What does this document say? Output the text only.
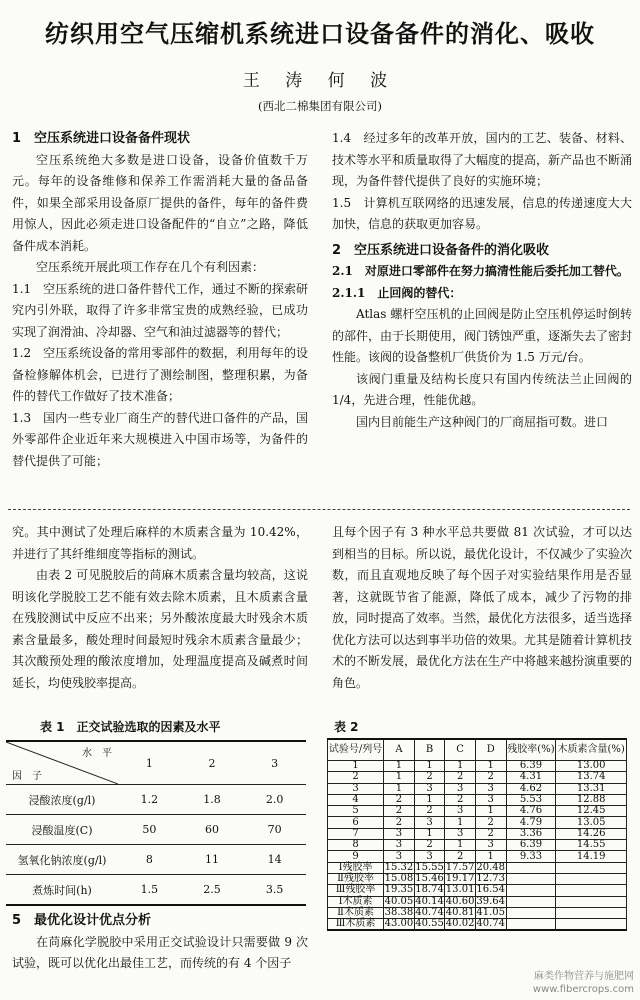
纺织用空气压缩机系统进口设备备件的消化、吸收
王 涛 何 波
(西北二棉集团有限公司)

1　空压系统进口设备备件现状

空压系统绝大多数是进口设备，设备价值数千万元。每年的设备维修和保养工作需消耗大量的备品备件，如果全部采用设备原厂提供的备件，每年的备件费用惊人，因此必须走进口设备配件的“自立”之路，降低备件成本消耗。

空压系统开展此项工作存在几个有利因素：

1.1　空压系统的进口备件替代工作，通过不断的探索研究内引外联，取得了许多非常宝贵的成熟经验，已成功实现了润滑油、冷却器、空气和油过滤器等的替代；

1.2　空压系统设备的常用零部件的数据，利用每年的设备检修解体机会，已进行了测绘制图，整理积累，为备件的替代工作做好了技术准备；

1.3　国内一些专业厂商生产的替代进口备件的产品，国外零部件企业近年来大规模进入中国市场等，为备件的替代提供了可能；

1.4　经过多年的改革开放，国内的工艺、装备、材料、技术等水平和质量取得了大幅度的提高，新产品也不断涌现，为备件替代提供了良好的实施环境；

1.5　计算机互联网络的迅速发展，信息的传递速度大大加快，信息的获取更加容易。

2　空压系统进口设备备件的消化吸收

2.1　对原进口零部件在努力搞清性能后委托加工替代。

2.1.1　止回阀的替代：

Atlas 螺杆空压机的止回阀是防止空压机停运时倒转的部件，由于长期使用，阀门锈蚀严重，逐渐失去了密封性能。该阀的设备整机厂供货价为 1.5 万元/台。

该阀门重量及结构长度只有国内传统法兰止回阀的 1/4，先进合理，性能优越。

国内目前能生产这种阀门的厂商屈指可数。进口

究。其中测试了处理后麻样的木质素含量为 10.42%，并进行了其纤维细度等指标的测试。

由表 2 可见脱胶后的苘麻木质素含量均较高，这说明该化学脱胶工艺不能有效去除木质素，且木质素含量在残胶测试中反应不出来；另外酸浓度最大时残余木质素含量最多，酸处理时间最短时残余木质素含量最少；其次酸预处理的酸浓度增加，处理温度提高及碱煮时间延长，均使残胶率提高。

表 1　正交试验选取的因素及水平
水　平
因　子	1	2	3
浸酸浓度(g/l)	1.2	1.8	2.0
浸酸温度(C)	50	60	70
氢氧化钠浓度(g/l)	8	11	14
煮炼时间(h)	1.5	2.5	3.5

5　最优化设计优点分析

在苘麻化学脱胶中采用正交试验设计只需要做 9 次试验，既可以优化出最佳工艺，而传统的有 4 个因子

且每个因子有 3 种水平总共要做 81 次试验，才可以达到相当的目标。所以说，最优化设计，不仅减少了实验次数，而且直观地反映了每个因子对实验结果作用是否显著，这就既节省了能源，降低了成本，减少了污物的排放，同时提高了效率。当然，最优化方法很多，适当选择优化方法可以达到事半功倍的效果。尤其是随着计算机技术的不断发展，最优化方法在生产中将越来越扮演重要的角色。

表 2
试验号/列号	A	B	C	D	残胶率(%)	木质素含量(%)
1	1	1	1	1	6.39	13.00
2	1	2	2	2	4.31	13.74
3	1	3	3	3	4.62	13.31
4	2	1	2	3	5.53	12.88
5	2	2	3	1	4.76	12.45
6	2	3	1	2	4.79	13.05
7	3	1	3	2	3.36	14.26
8	3	2	1	3	6.39	14.55
9	3	3	2	1	9.33	14.19
Ⅰ残胶率	15.32	15.55	17.57	20.48		
Ⅱ残胶率	15.08	15.46	19.17	12.73		
Ⅲ残胶率	19.35	18.74	13.01	16.54		
Ⅰ木质素	40.05	40.14	40.60	39.64		
Ⅱ木质素	38.38	40.74	40.81	41.05		
Ⅲ木质素	43.00	40.55	40.02	40.74		
麻类作物营养与施肥网
www.fibercrops.com
